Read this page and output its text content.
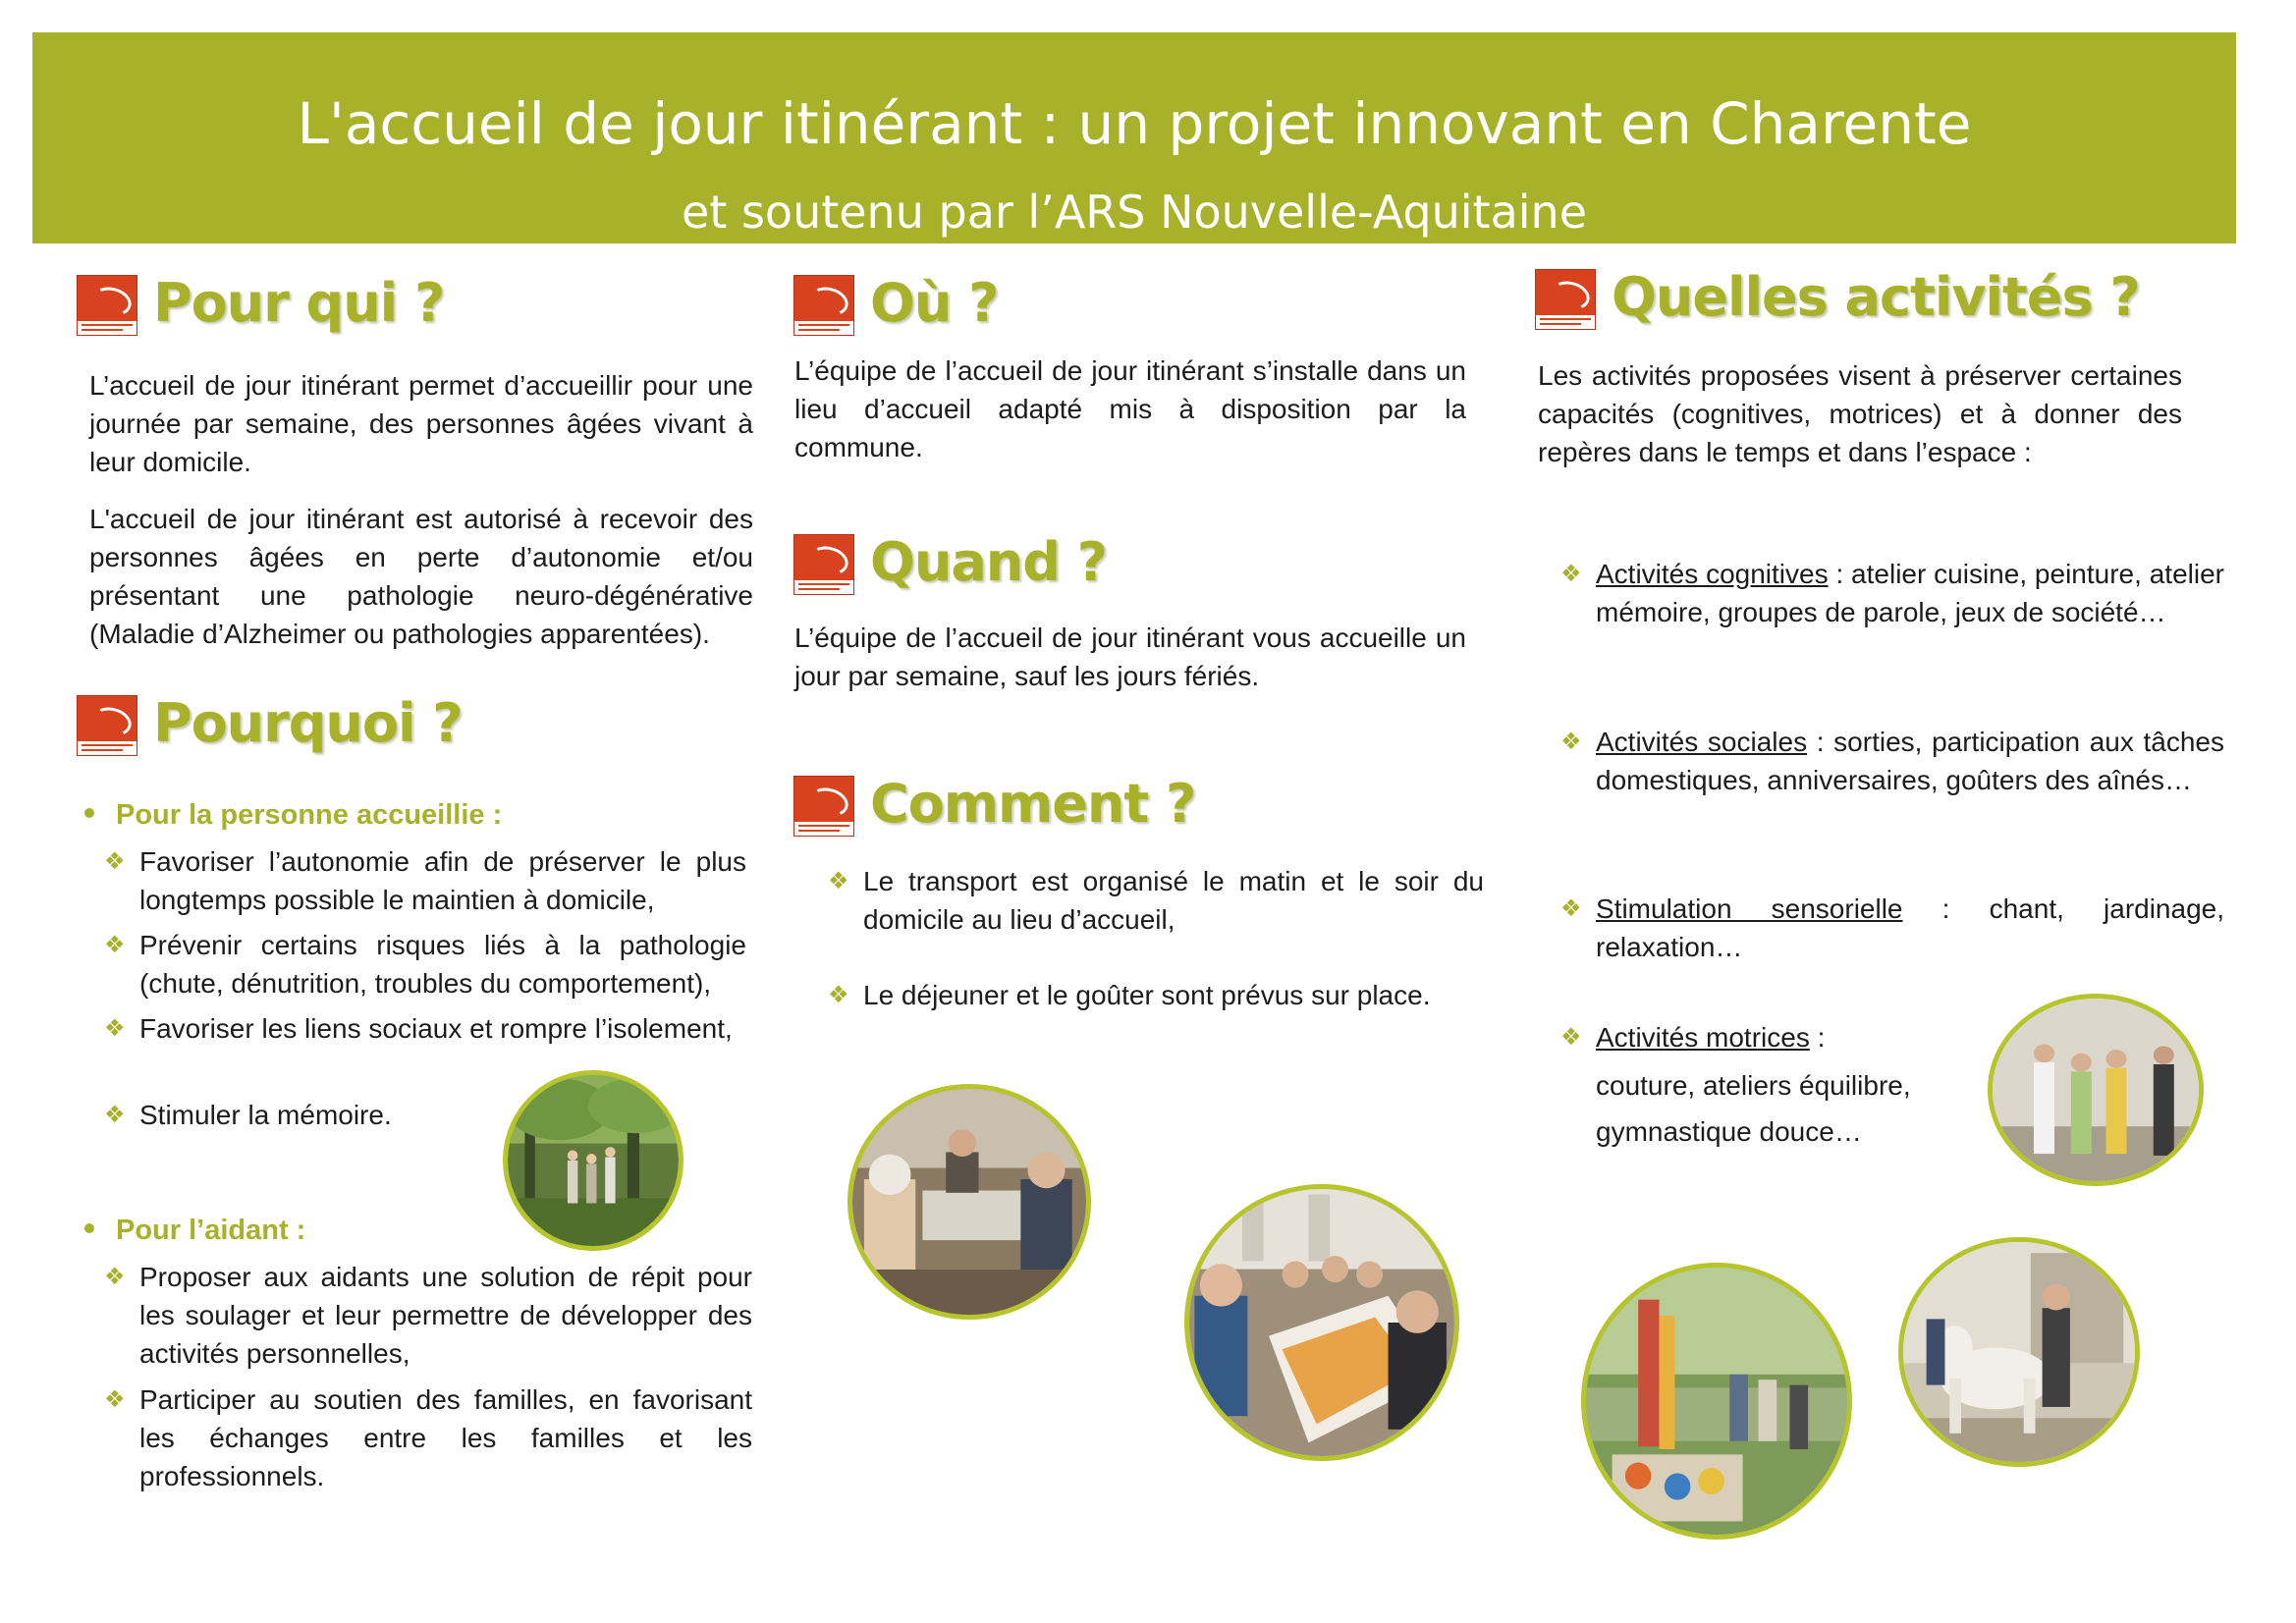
L'accueil de jour itinérant : un projet innovant en Charente
et soutenu par l’ARS Nouvelle-Aquitaine
Pour qui ?

L’accueil de jour itinérant permet d’accueillir pour une journée par semaine, des personnes âgées vivant à leur domicile.

L'accueil de jour itinérant est autorisé à recevoir des personnes âgées en perte d’autonomie et/ou présentant une pathologie neuro-dégénérative (Maladie d’Alzheimer ou pathologies apparentées).

Pourquoi ?
Pour la personne accueillie :
❖ Favoriser l’autonomie afin de préserver le plus longtemps possible le maintien à domicile,
❖ Prévenir certains risques liés à la pathologie (chute, dénutrition, troubles du comportement),
❖ Favoriser les liens sociaux et rompre l’isolement,
❖ Stimuler la mémoire.
Pour l’aidant :
❖ Proposer aux aidants une solution de répit pour les soulager et leur permettre de développer des activités personnelles,
❖ Participer au soutien des familles, en favorisant les échanges entre les familles et les professionnels.
Où ?

L’équipe de l’accueil de jour itinérant s’installe dans un lieu d’accueil adapté mis à disposition par la commune.

Quand ?

L’équipe de l’accueil de jour itinérant vous accueille un jour par semaine, sauf les jours fériés.

Comment ?
❖ Le transport est organisé le matin et le soir du domicile au lieu d’accueil,
❖ Le déjeuner et le goûter sont prévus sur place.
Quelles activités ?

Les activités proposées visent à préserver certaines capacités (cognitives, motrices) et à donner des repères dans le temps et dans l’espace :

❖ Activités cognitives : atelier cuisine, peinture, atelier mémoire, groupes de parole, jeux de société…
❖ Activités sociales : sorties, participation aux tâches domestiques, anniversaires, goûters des aînés…
❖ Stimulation sensorielle : chant, jardinage, relaxation…
❖ Activités motrices :
couture, ateliers équilibre,
gymnastique douce…
